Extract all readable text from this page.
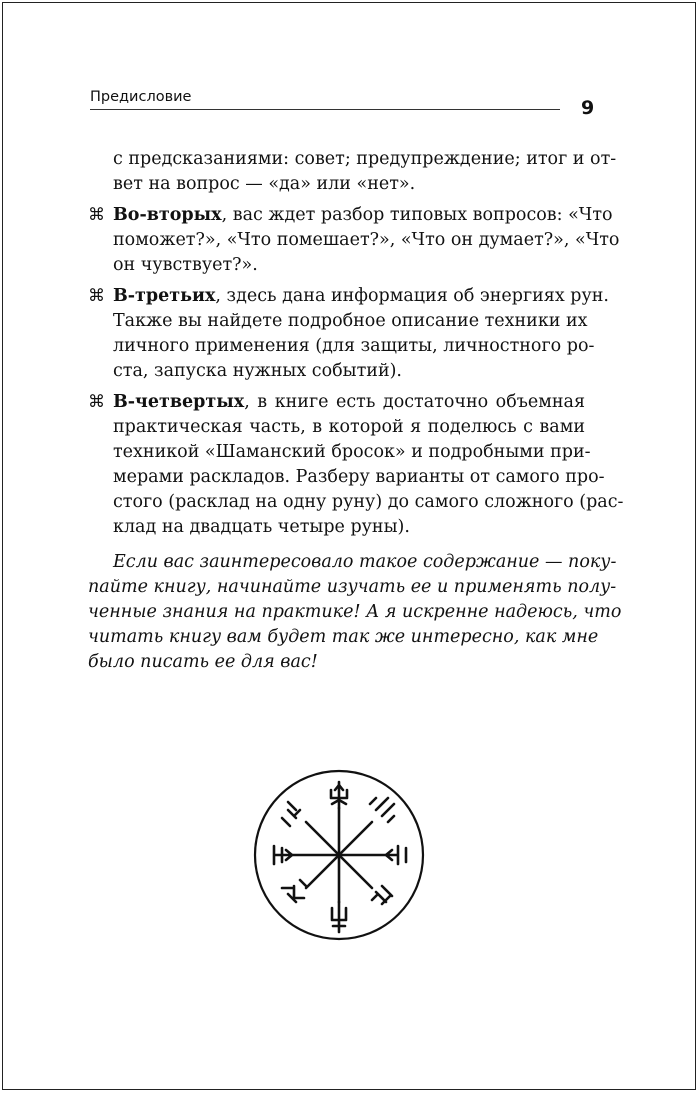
Предисловие	9
с предсказаниями: совет; предупреждение; итог и от-
вет на вопрос — «да» или «нет».
⌘ Во-вторых, вас ждет разбор типовых вопросов: «Что
поможет?», «Что помешает?», «Что он думает?», «Что
он чувствует?».
⌘ В-третьих, здесь дана информация об энергиях рун.
Также вы найдете подробное описание техники их
личного применения (для защиты, личностного ро-
ста, запуска нужных событий).
⌘ В-четвертых, в книге есть достаточно объемная
практическая часть, в которой я поделюсь с вами
техникой «Шаманский бросок» и подробными при-
мерами раскладов. Разберу варианты от самого про-
стого (расклад на одну руну) до самого сложного (рас-
клад на двадцать четыре руны).
Если вас заинтересовало такое содержание — поку-
пайте книгу, начинайте изучать ее и применять полу-
ченные знания на практике! А я искренне надеюсь, что
читать книгу вам будет так же интересно, как мне
было писать ее для вас!
